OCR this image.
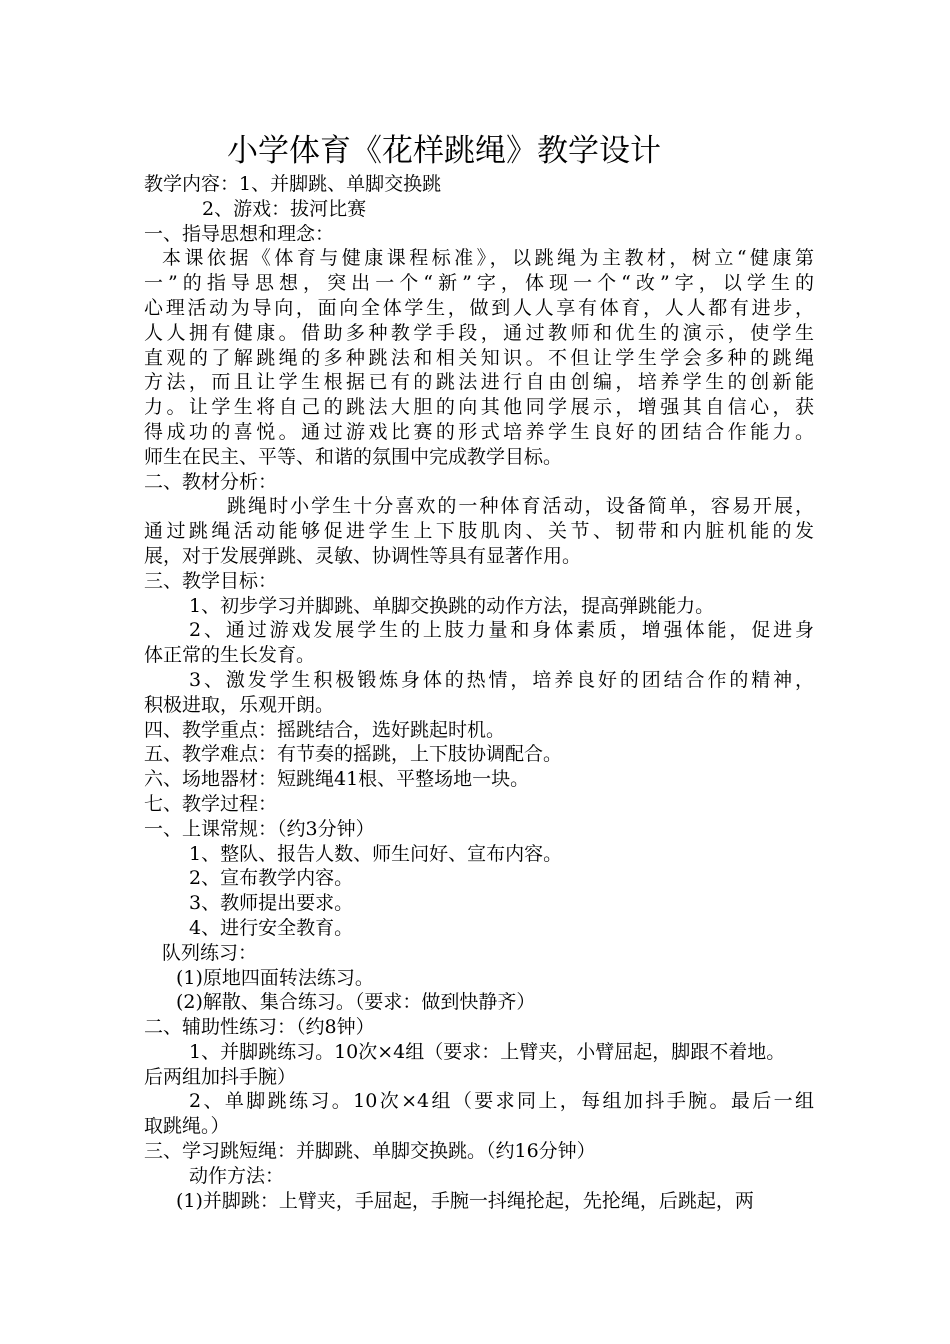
小学体育《花样跳绳》教学设计
教学内容：1、并脚跳、单脚交换跳
2、游戏：拔河比赛
一、指导思想和理念：
本课依据《体育与健康课程标准》，以跳绳为主教材，树立“健康第
一”的指导思想，突出一个“新”字，体现一个“改”字，以学生的
心理活动为导向，面向全体学生，做到人人享有体育，人人都有进步，
人人拥有健康。借助多种教学手段，通过教师和优生的演示，使学生
直观的了解跳绳的多种跳法和相关知识。不但让学生学会多种的跳绳
方法，而且让学生根据已有的跳法进行自由创编，培养学生的创新能
力。让学生将自己的跳法大胆的向其他同学展示，增强其自信心，获
得成功的喜悦。通过游戏比赛的形式培养学生良好的团结合作能力。
师生在民主、平等、和谐的氛围中完成教学目标。
二、教材分析：
跳绳时小学生十分喜欢的一种体育活动，设备简单，容易开展，
通过跳绳活动能够促进学生上下肢肌肉、关节、韧带和内脏机能的发
展，对于发展弹跳、灵敏、协调性等具有显著作用。
三、教学目标：
1、初步学习并脚跳、单脚交换跳的动作方法，提高弹跳能力。
2、通过游戏发展学生的上肢力量和身体素质，增强体能，促进身
体正常的生长发育。
3、激发学生积极锻炼身体的热情，培养良好的团结合作的精神，
积极进取，乐观开朗。
四、教学重点：摇跳结合，选好跳起时机。
五、教学难点：有节奏的摇跳，上下肢协调配合。
六、场地器材：短跳绳41根、平整场地一块。
七、教学过程：
一、上课常规：（约3分钟）
1、整队、报告人数、师生问好、宣布内容。
2、宣布教学内容。
3、教师提出要求。
4、进行安全教育。
队列练习：
(1)原地四面转法练习。
(2)解散、集合练习。（要求：做到快静齐）
二、辅助性练习：（约8钟）
1、并脚跳练习。10次×4组（要求：上臂夹，小臂屈起，脚跟不着地。
后两组加抖手腕）
2、单脚跳练习。10次×4组（要求同上，每组加抖手腕。最后一组
取跳绳。）
三、学习跳短绳：并脚跳、单脚交换跳。（约16分钟）
动作方法：
(1)并脚跳：上臂夹，手屈起，手腕一抖绳抡起，先抡绳，后跳起，两
